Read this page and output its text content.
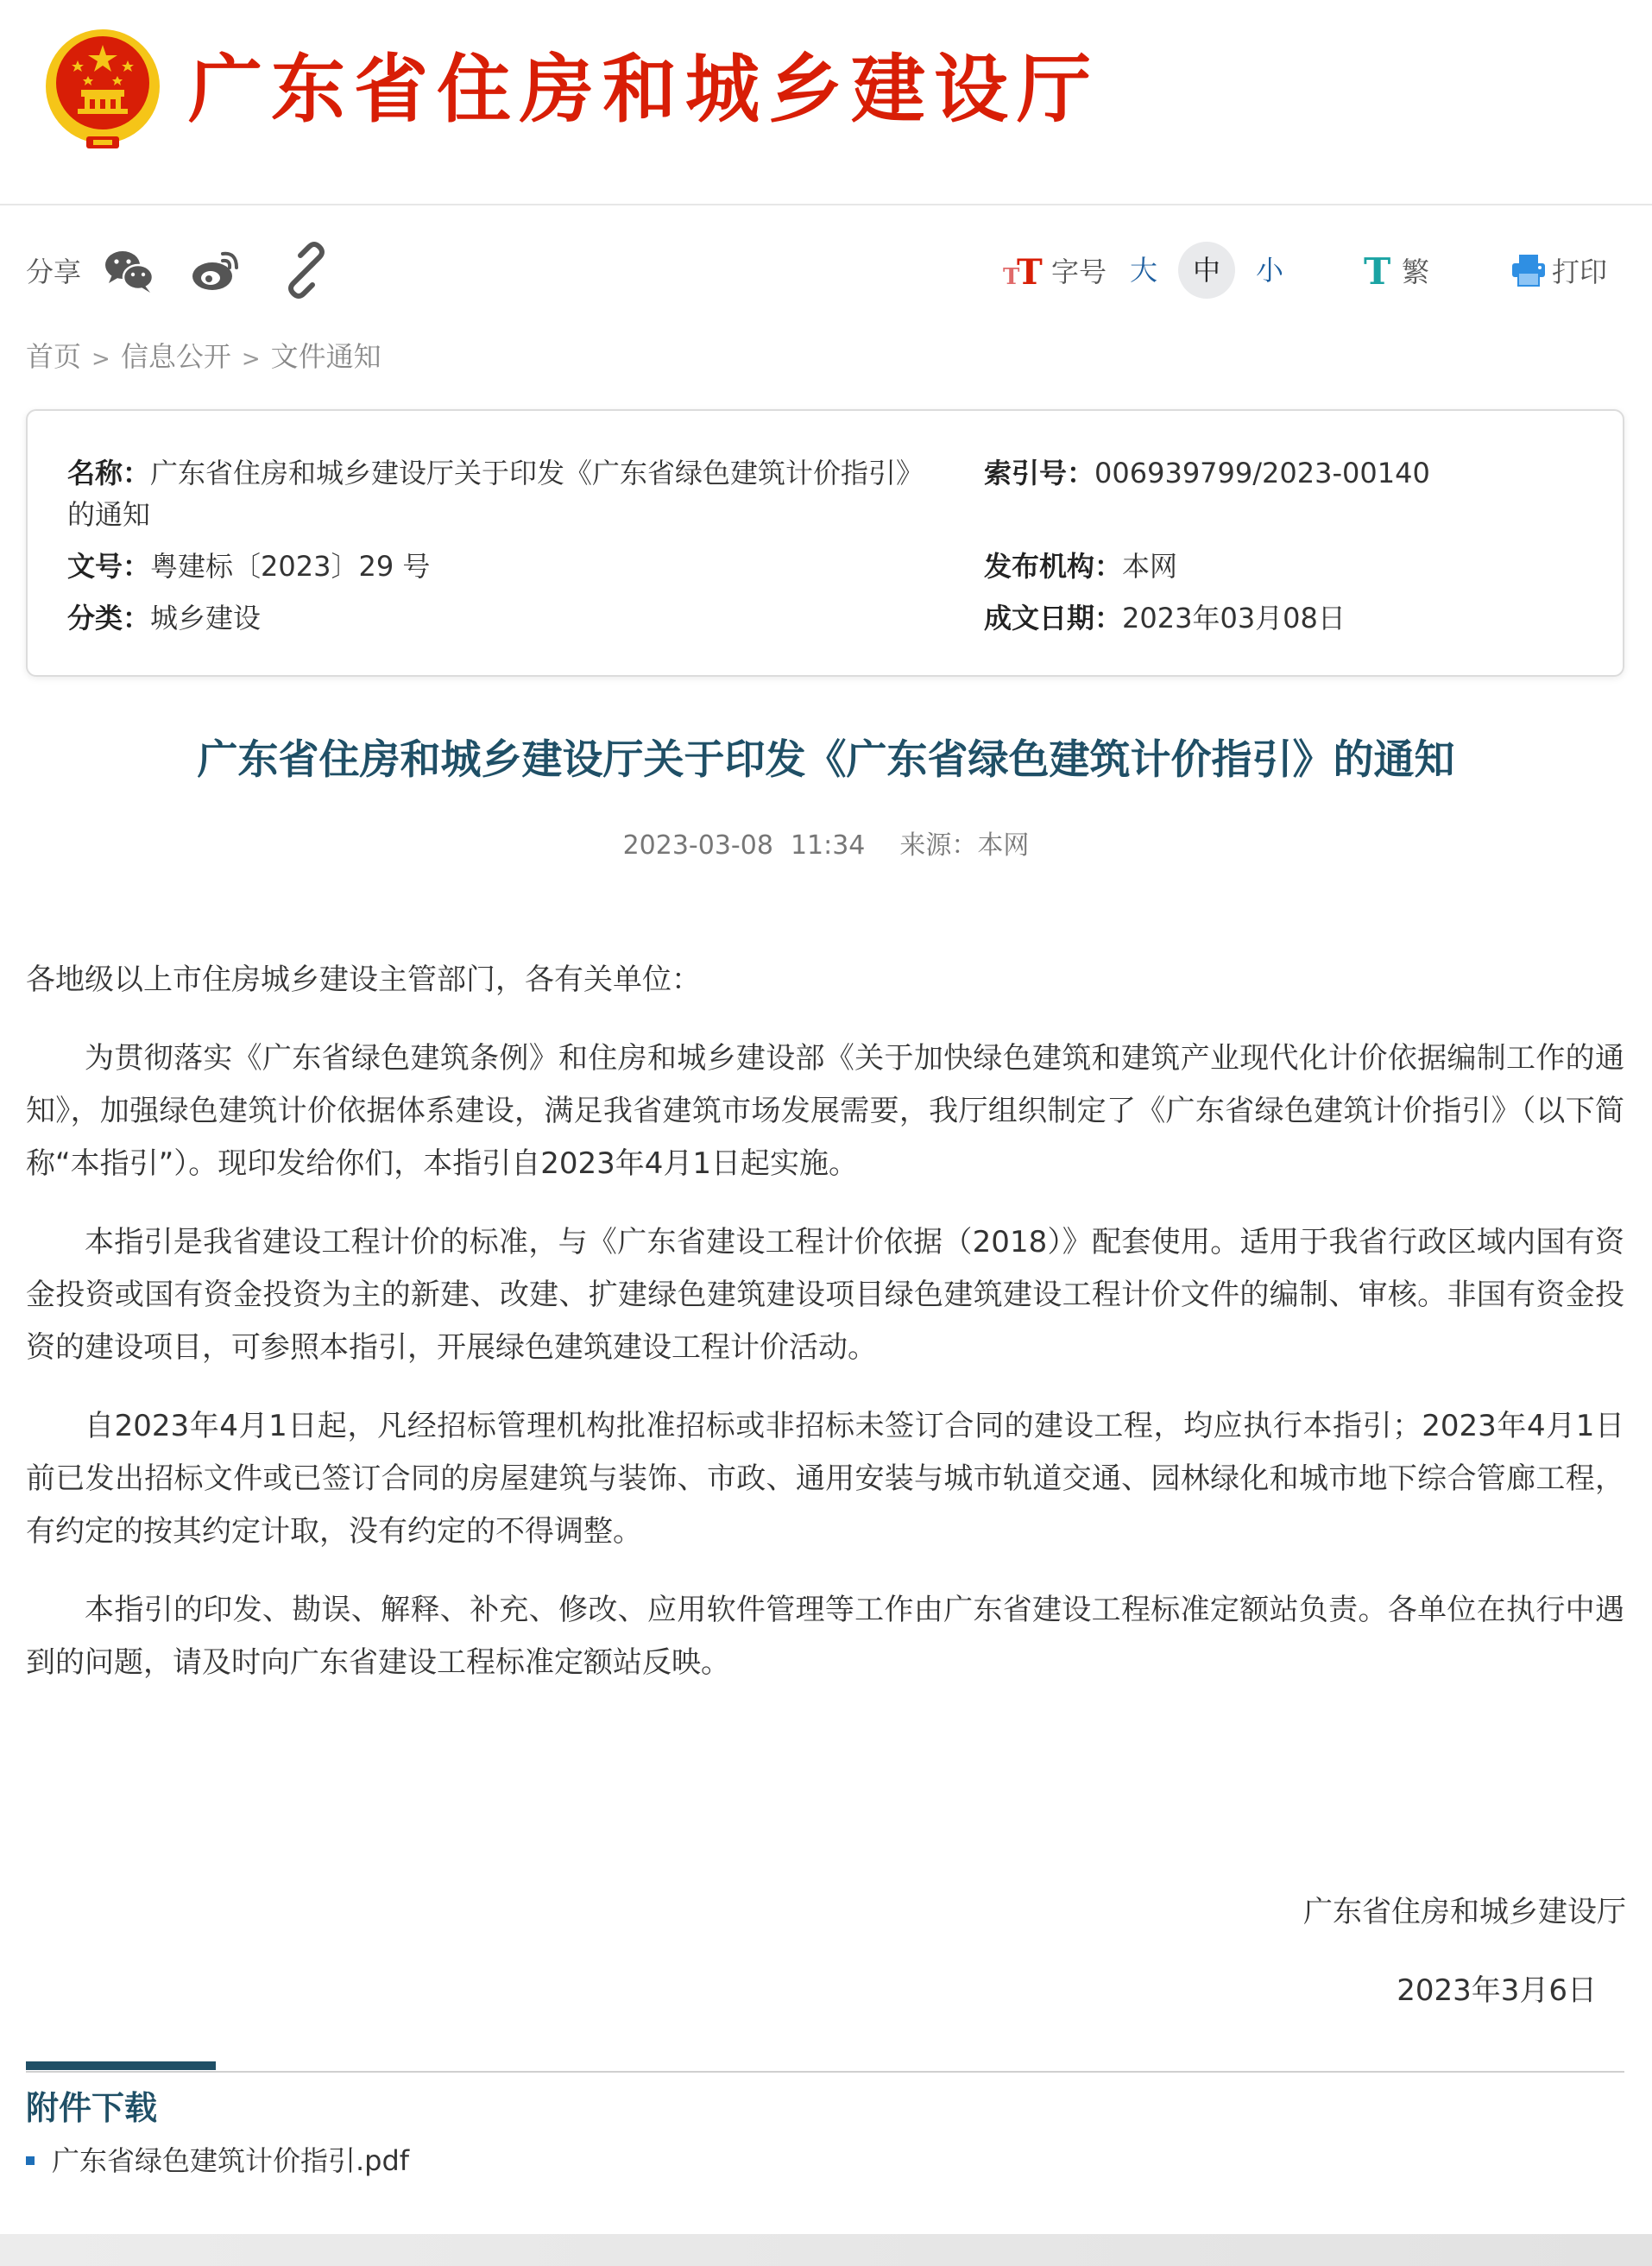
广东省住房和城乡建设厅
分享	T
T 字号 大	中	小	T 繁	打印
首页 > 信息公开 > 文件通知
名称：广东省住房和城乡建设厅关于印发《广东省绿色建筑计价指引》
的通知
索引号：006939799/2023-00140
文号：粤建标〔2023〕29 号	发布机构：本网
分类：城乡建设	成文日期：2023年03月08日
广东省住房和城乡建设厅关于印发《广东省绿色建筑计价指引》的通知
2023-03-08 11:34 来源：本网

各地级以上市住房城乡建设主管部门，各有关单位：

为贯彻落实《广东省绿色建筑条例》和住房和城乡建设部《关于加快绿色建筑和建筑产业现代化计价依据编制工作的通知》，加强绿色建筑计价依据体系建设，满足我省建筑市场发展需要，我厅组织制定了《广东省绿色建筑计价指引》（以下简称“本指引”）。现印发给你们，本指引自2023年4月1日起实施。

本指引是我省建设工程计价的标准，与《广东省建设工程计价依据（2018）》配套使用。适用于我省行政区域内国有资金投资或国有资金投资为主的新建、改建、扩建绿色建筑建设项目绿色建筑建设工程计价文件的编制、审核。非国有资金投资的建设项目，可参照本指引，开展绿色建筑建设工程计价活动。

自2023年4月1日起，凡经招标管理机构批准招标或非招标未签订合同的建设工程，均应执行本指引；2023年4月1日前已发出招标文件或已签订合同的房屋建筑与装饰、市政、通用安装与城市轨道交通、园林绿化和城市地下综合管廊工程，有约定的按其约定计取，没有约定的不得调整。

本指引的印发、勘误、解释、补充、修改、应用软件管理等工作由广东省建设工程标准定额站负责。各单位在执行中遇到的问题，请及时向广东省建设工程标准定额站反映。

广东省住房和城乡建设厅
2023年3月6日
附件下载
广东省绿色建筑计价指引.pdf
